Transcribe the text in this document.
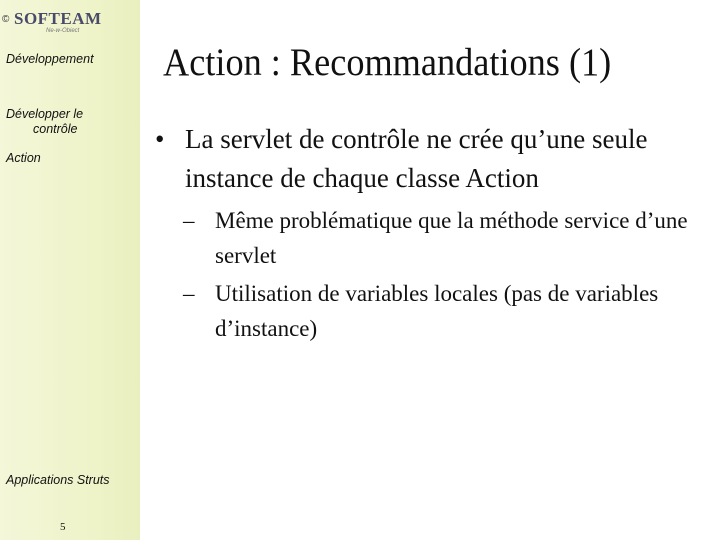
© SOFTEAM
Ne-w-Obiect
Développement
Développer le
contrôle
Action
Applications Struts
5
Action : Recommandations (1)
• La servlet de contrôle ne crée qu’une seule instance de chaque classe Action
– Même problématique que la méthode service d’une servlet
– Utilisation de variables locales (pas de variables d’instance)
